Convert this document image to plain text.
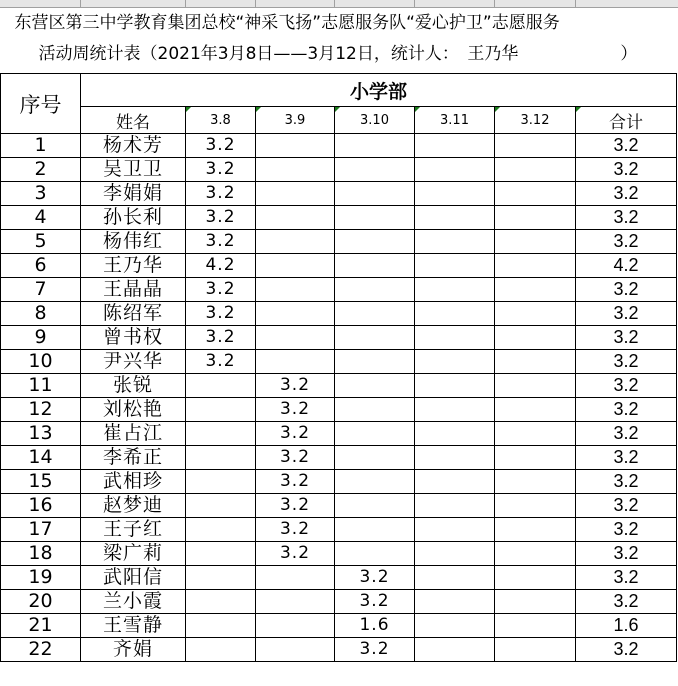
东营区第三中学教育集团总校“神采飞扬”志愿服务队“爱心护卫”志愿服务							
活动周统计表（2021年3月8日——3月12日，统计人：　王乃华 ）							
序号	小学部						
	姓名	3.8	3.9	3.10	3.11	3.12	合计
1	杨术芳	3.2					3.2
2	吴卫卫	3.2					3.2
3	李娟娟	3.2					3.2
4	孙长利	3.2					3.2
5	杨伟红	3.2					3.2
6	王乃华	4.2					4.2
7	王晶晶	3.2					3.2
8	陈绍军	3.2					3.2
9	曾书权	3.2					3.2
10	尹兴华	3.2					3.2
11	张锐		3.2				3.2
12	刘松艳		3.2				3.2
13	崔占江		3.2				3.2
14	李希正		3.2				3.2
15	武相珍		3.2				3.2
16	赵梦迪		3.2				3.2
17	王子红		3.2				3.2
18	梁广莉		3.2				3.2
19	武阳信			3.2			3.2
20	兰小霞			3.2			3.2
21	王雪静			1.6			1.6
22	齐娟			3.2			3.2
